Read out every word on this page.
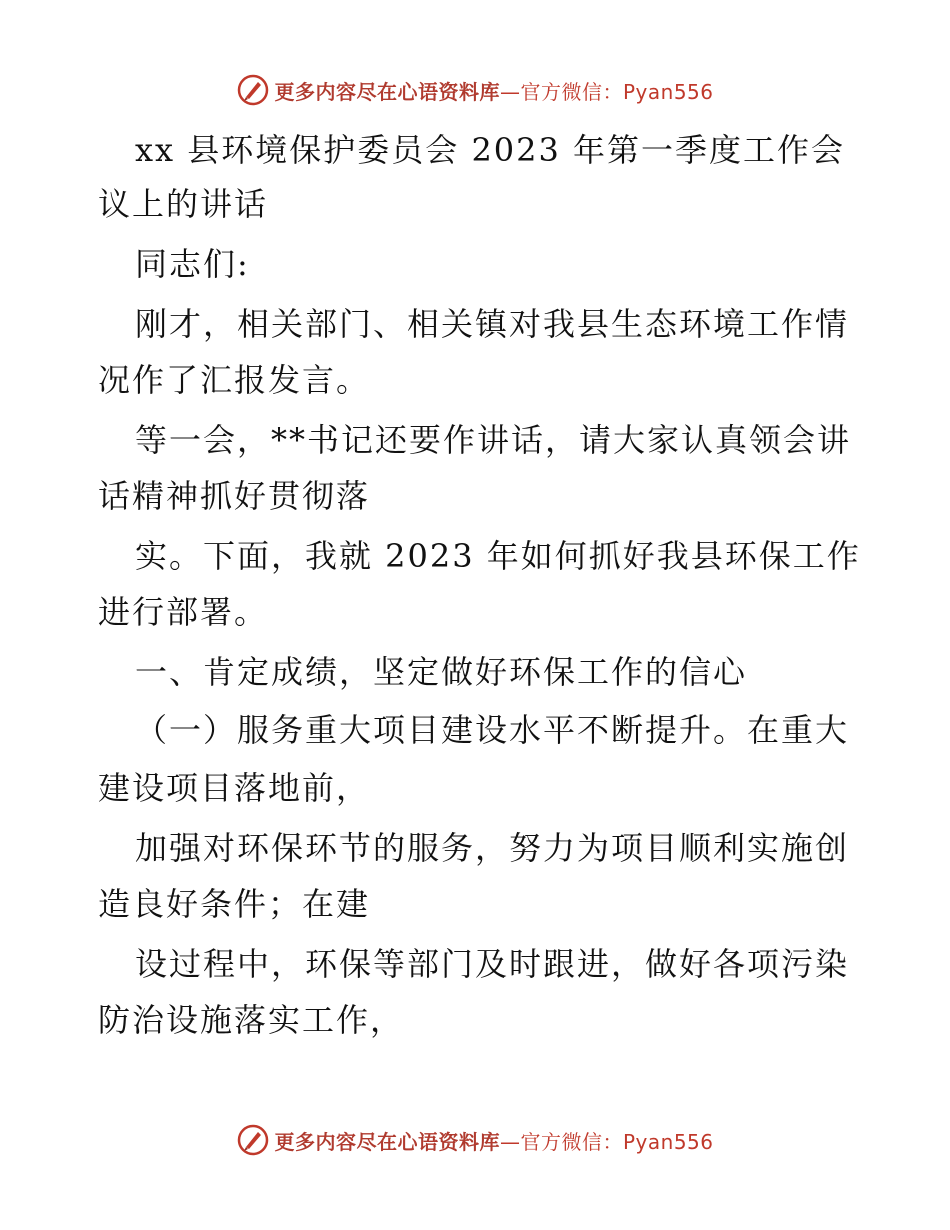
更多内容尽在心语资料库—官方微信：Pyan556
xx 县环境保护委员会 2023 年第一季度工作会
议上的讲话
同志们:
刚才，相关部门、相关镇对我县生态环境工作情
况作了汇报发言。
等一会，**书记还要作讲话，请大家认真领会讲
话精神抓好贯彻落
实。下面，我就 2023 年如何抓好我县环保工作
进行部署。
一、肯定成绩，坚定做好环保工作的信心
（一）服务重大项目建设水平不断提升。在重大
建设项目落地前，
加强对环保环节的服务，努力为项目顺利实施创
造良好条件；在建
设过程中，环保等部门及时跟进，做好各项污染
防治设施落实工作，
更多内容尽在心语资料库—官方微信：Pyan556
